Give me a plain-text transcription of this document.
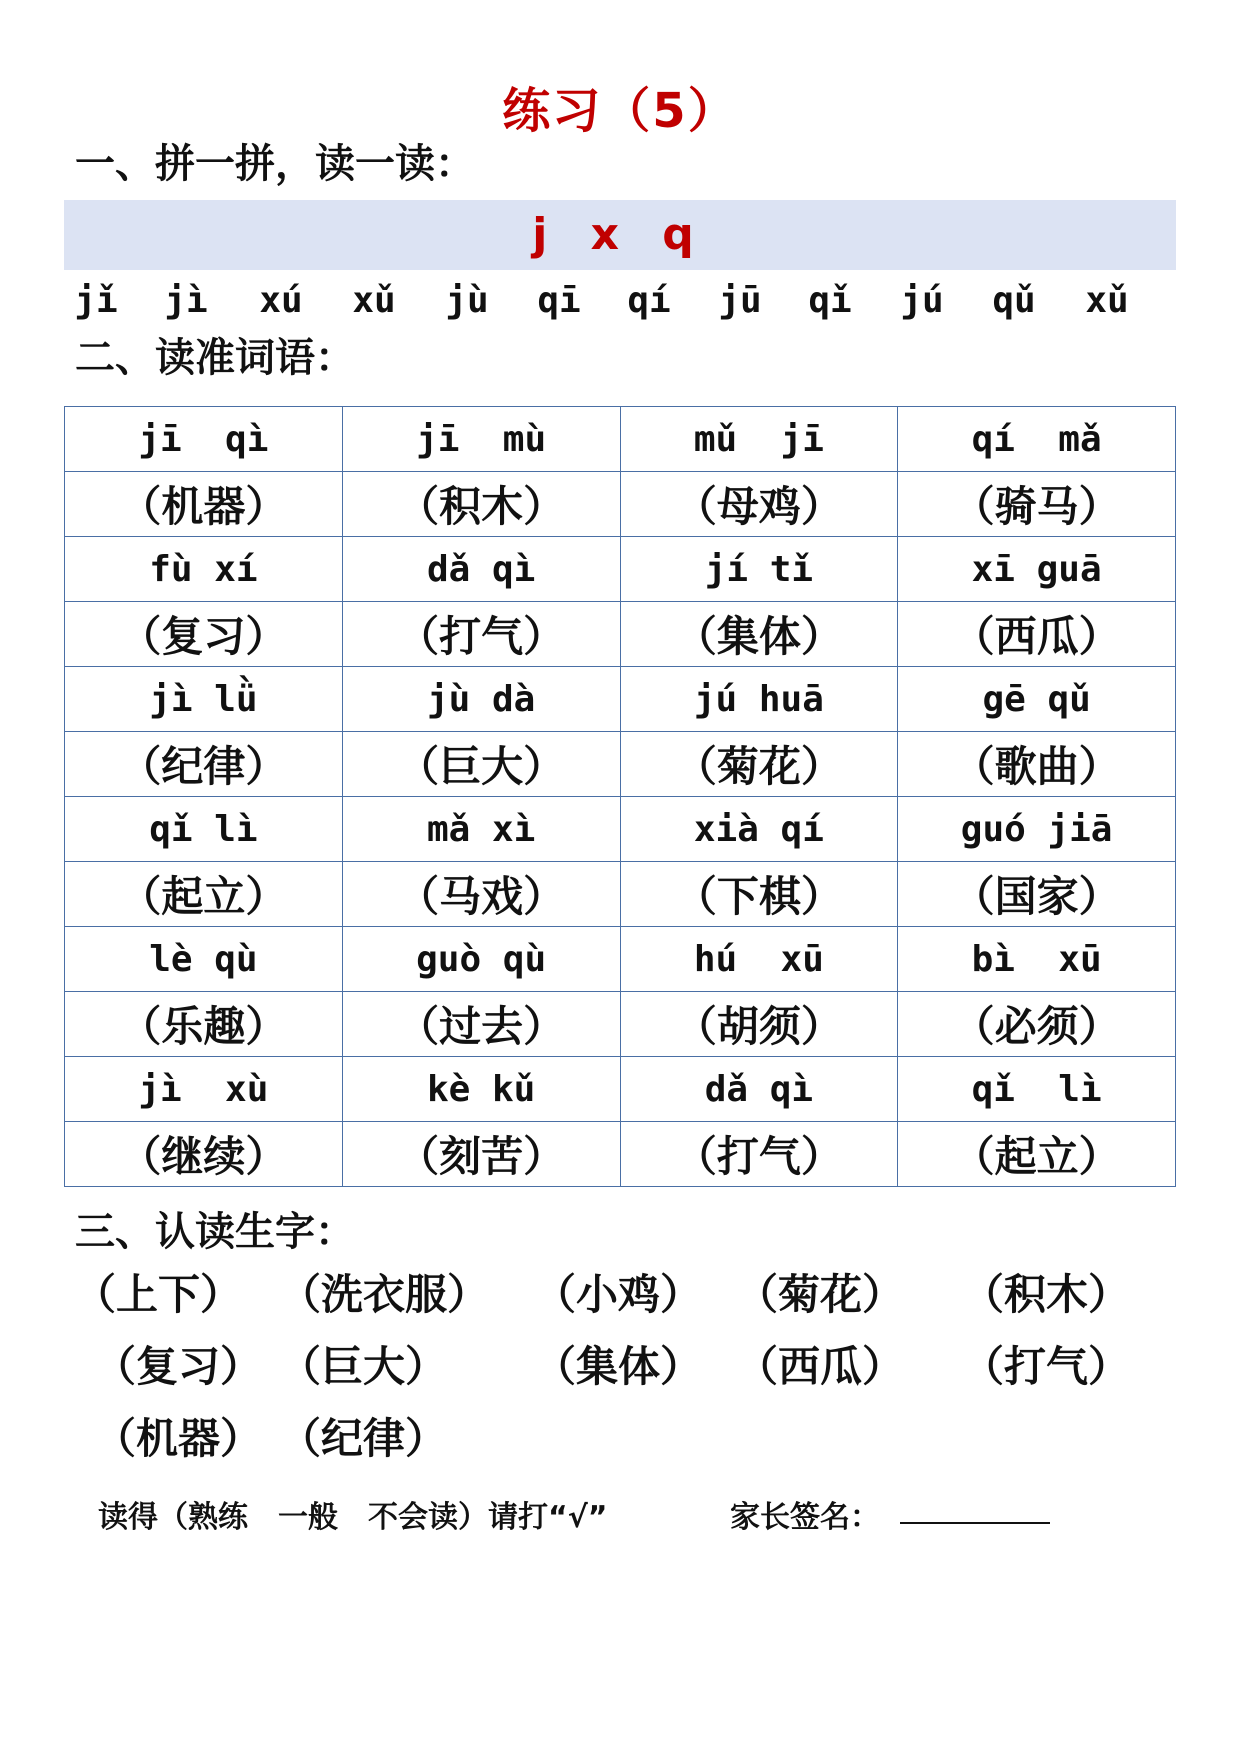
练习（5）
一、拼一拼，读一读：
j x q
jǐ jì xú xǔ jù qī qí jū qǐ jú qǔ xǔ
二、读准词语：
jī  qì	jī  mù	mǔ  jī	qí  mǎ
（机器）	（积木）	（母鸡）	（骑马）
fù xí	dǎ qì	jí tǐ	xī guā
（复习）	（打气）	（集体）	（西瓜）
jì lǜ	jù dà	jú huā	gē qǔ
（纪律）	（巨大）	（菊花）	（歌曲）
qǐ lì	mǎ xì	xià qí	guó jiā
（起立）	（马戏）	（下棋）	（国家）
lè qù	guò qù	hú  xū	bì  xū
（乐趣）	（过去）	（胡须）	（必须）
jì  xù	kè kǔ	dǎ qì	qǐ  lì
（继续）	（刻苦）	（打气）	（起立）
三、认读生字：
（上下） （洗衣服） （小鸡） （菊花） （积木）
（复习） （巨大） （集体） （西瓜） （打气）
（机器） （纪律）
读得（熟练　一般　不会读）请打“√”	家长签名：
